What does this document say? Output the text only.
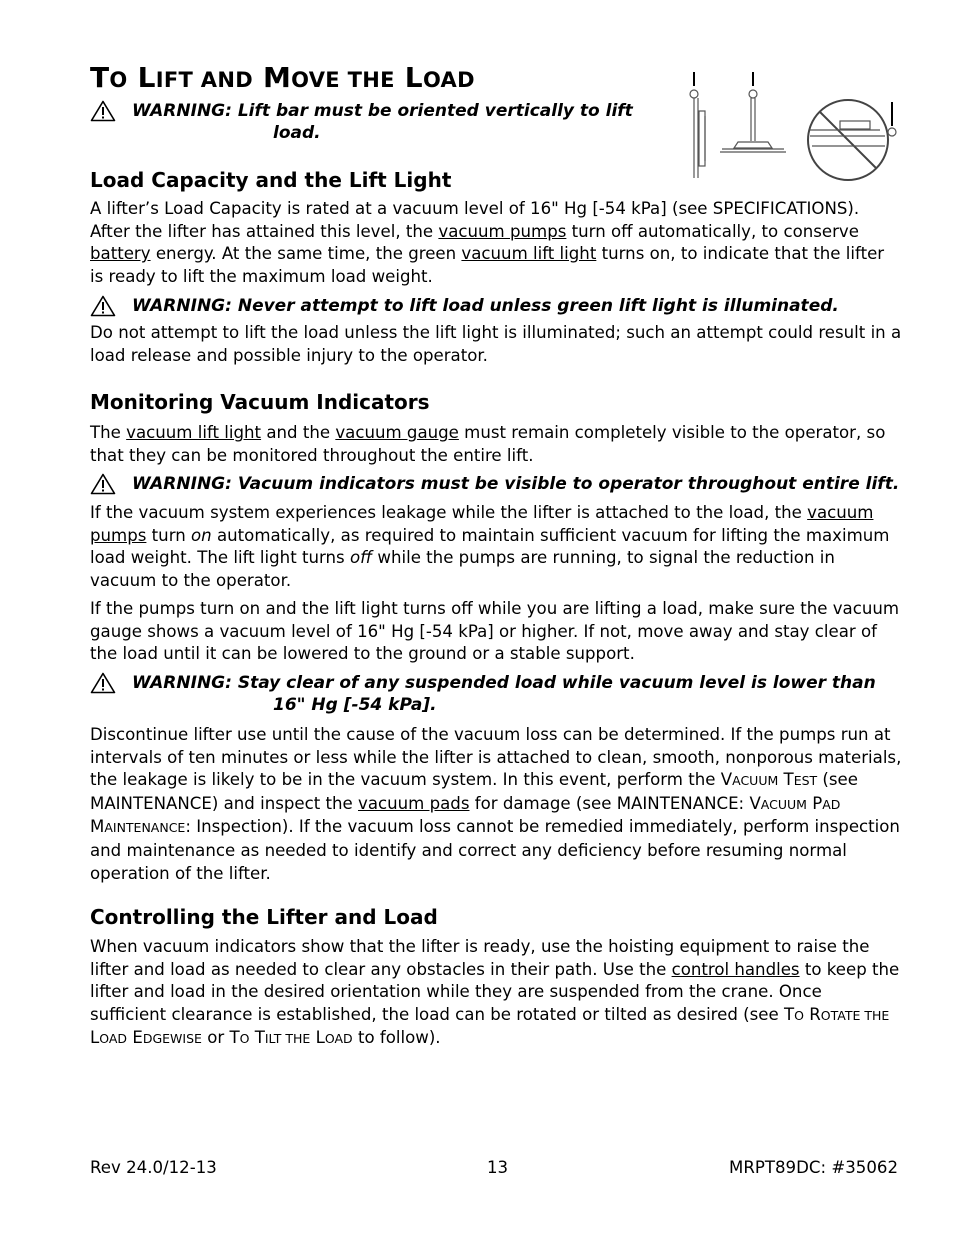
TO LIFT AND MOVE THE LOAD
WARNING: Lift bar must be oriented vertically to lift
load.
Load Capacity and the Lift Light

A lifter’s Load Capacity is rated at a vacuum level of 16" Hg [-54 kPa] (see SPECIFICATIONS). After the lifter has attained this level, the vacuum pumps turn off automatically, to conserve battery energy. At the same time, the green vacuum lift light turns on, to indicate that the lifter is ready to lift the maximum load weight.

WARNING: Never attempt to lift load unless green lift light is illuminated.

Do not attempt to lift the load unless the lift light is illuminated; such an attempt could result in a load release and possible injury to the operator.

Monitoring Vacuum Indicators

The vacuum lift light and the vacuum gauge must remain completely visible to the operator, so that they can be monitored throughout the entire lift.

WARNING: Vacuum indicators must be visible to operator throughout entire lift.

If the vacuum system experiences leakage while the lifter is attached to the load, the vacuum pumps turn on automatically, as required to maintain sufficient vacuum for lifting the maximum load weight. The lift light turns off while the pumps are running, to signal the reduction in vacuum to the operator.

If the pumps turn on and the lift light turns off while you are lifting a load, make sure the vacuum gauge shows a vacuum level of 16" Hg [-54 kPa] or higher. If not, move away and stay clear of the load until it can be lowered to the ground or a stable support.

WARNING: Stay clear of any suspended load while vacuum level is lower than
16" Hg [-54 kPa].

Discontinue lifter use until the cause of the vacuum loss can be determined. If the pumps run at intervals of ten minutes or less while the lifter is attached to clean, smooth, nonporous materials, the leakage is likely to be in the vacuum system. In this event, perform the VACUUM TEST (see MAINTENANCE) and inspect the vacuum pads for damage (see MAINTENANCE: VACUUM PAD MAINTENANCE: Inspection). If the vacuum loss cannot be remedied immediately, perform inspection and maintenance as needed to identify and correct any deficiency before resuming normal operation of the lifter.

Controlling the Lifter and Load

When vacuum indicators show that the lifter is ready, use the hoisting equipment to raise the lifter and load as needed to clear any obstacles in their path. Use the control handles to keep the lifter and load in the desired orientation while they are suspended from the crane. Once sufficient clearance is established, the load can be rotated or tilted as desired (see TO ROTATE THE LOAD EDGEWISE or TO TILT THE LOAD to follow).

Rev 24.0/12-13	13	MRPT89DC: #35062
